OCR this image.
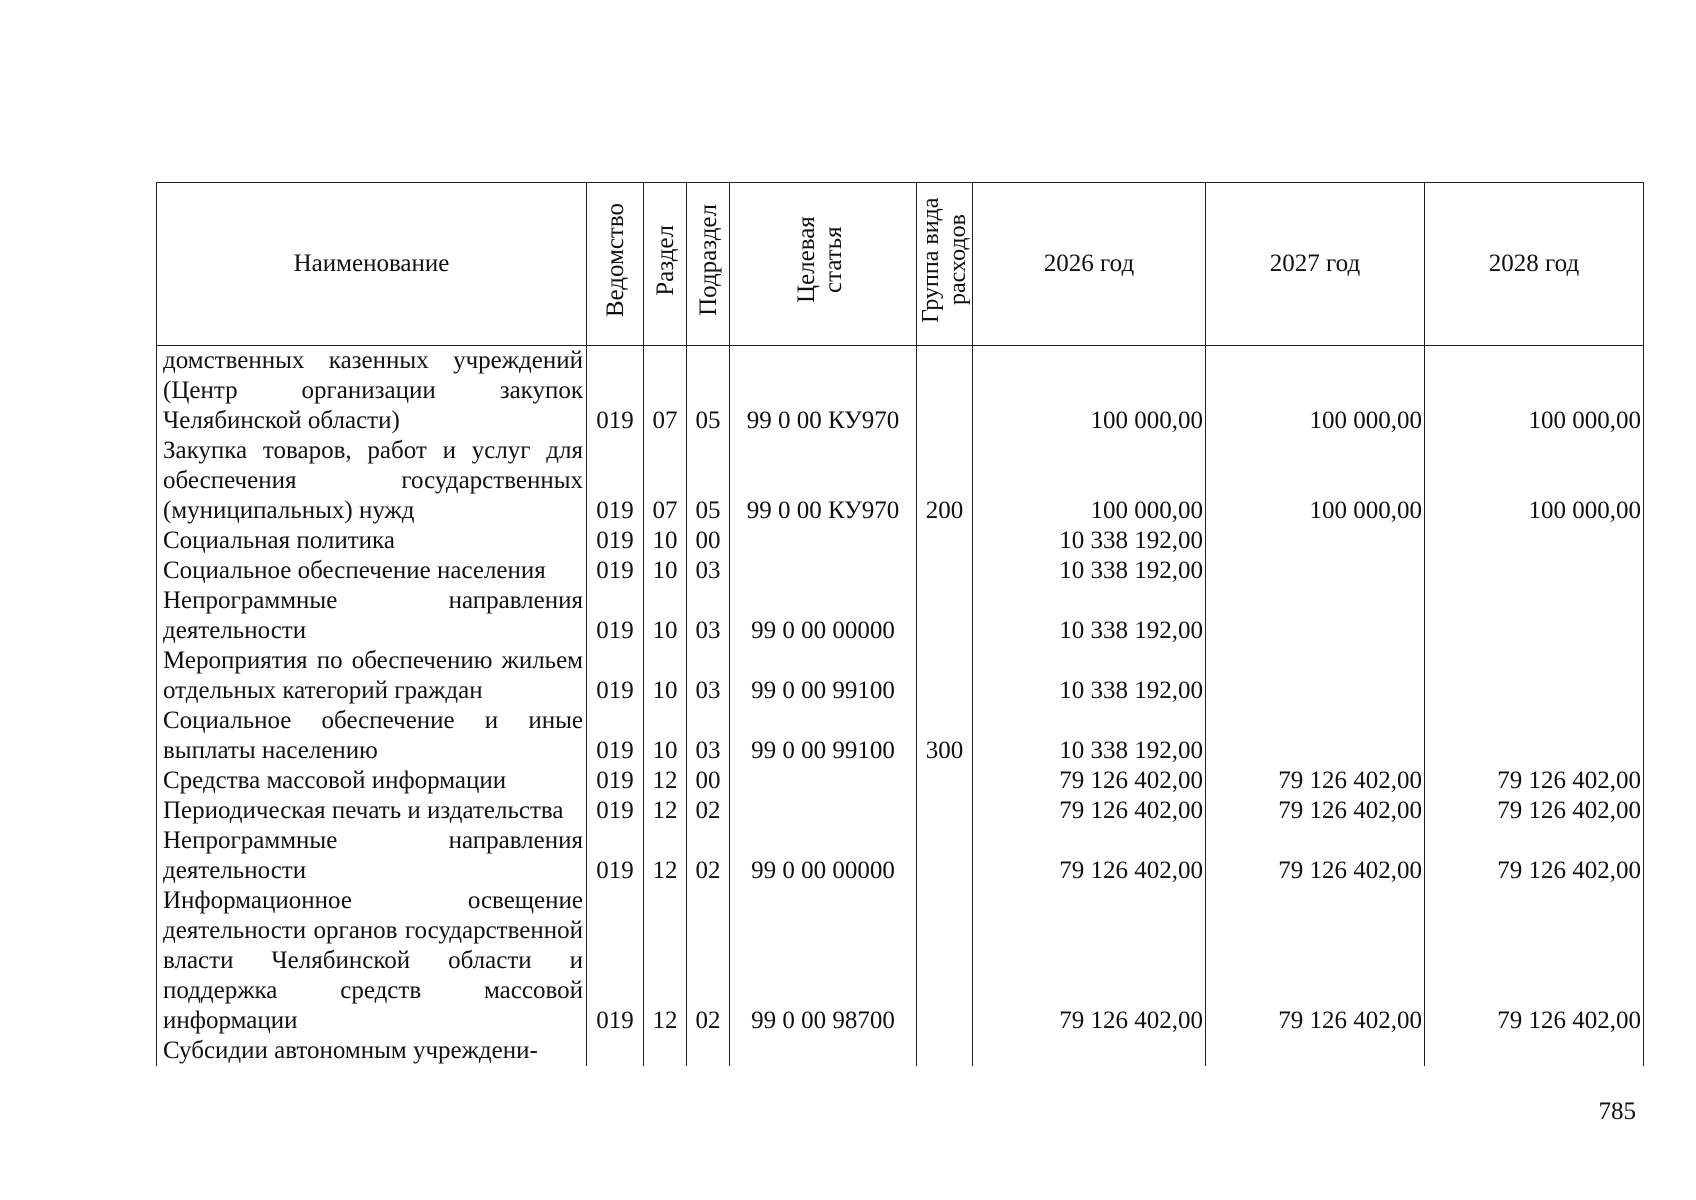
Наименование	Ведомство	Раздел	Подраздел	Целевая статья	Группа вида расходов	2026 год	2027 год	2028 год
домственных казенных учреждений (Центр организации закупок Челябинской области)	019	07	05	99 0 00 КУ970		100 000,00	100 000,00	100 000,00
Закупка товаров, работ и услуг для обеспечения государственных (муниципальных) нужд	019	07	05	99 0 00 КУ970	200	100 000,00	100 000,00	100 000,00
Социальная политика	019	10	00			10 338 192,00		
Социальное обеспечение населения	019	10	03			10 338 192,00		
Непрограммные направления деятельности	019	10	03	99 0 00 00000		10 338 192,00		
Мероприятия по обеспечению жильем отдельных категорий граждан	019	10	03	99 0 00 99100		10 338 192,00		
Социальное обеспечение и иные выплаты населению	019	10	03	99 0 00 99100	300	10 338 192,00		
Средства массовой информации	019	12	00			79 126 402,00	79 126 402,00	79 126 402,00
Периодическая печать и издательства	019	12	02			79 126 402,00	79 126 402,00	79 126 402,00
Непрограммные направления деятельности	019	12	02	99 0 00 00000		79 126 402,00	79 126 402,00	79 126 402,00
Информационное освещение деятельности органов государственной власти Челябинской области и поддержка средств массовой информации	019	12	02	99 0 00 98700		79 126 402,00	79 126 402,00	79 126 402,00
Субсидии автономным учреждени-								
785
